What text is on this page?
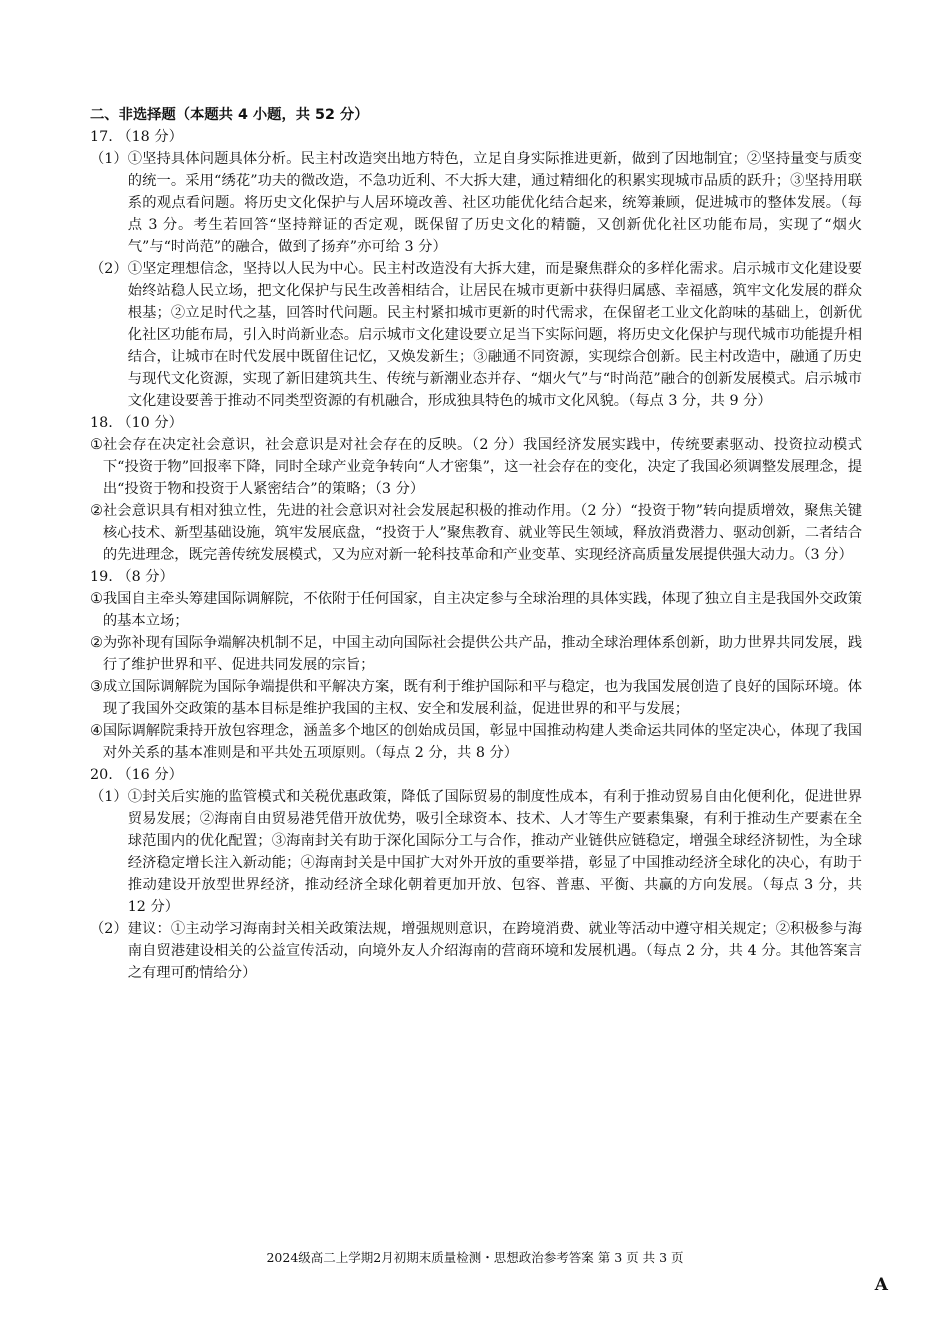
二、非选择题（本题共 4 小题，共 52 分）
17. （18 分）
（1） ①坚持具体问题具体分析。民主村改造突出地方特色，立足自身实际推进更新，做到了因地制宜；②坚持量变与质变的统一。采用“绣花”功夫的微改造，不急功近利、不大拆大建，通过精细化的积累实现城市品质的跃升；③坚持用联系的观点看问题。将历史文化保护与人居环境改善、社区功能优化结合起来，统筹兼顾，促进城市的整体发展。（每点 3 分。考生若回答“坚持辩证的否定观，既保留了历史文化的精髓，又创新优化社区功能布局，实现了“烟火气”与“时尚范”的融合，做到了扬弃”亦可给 3 分）
（2） ①坚定理想信念，坚持以人民为中心。民主村改造没有大拆大建，而是聚焦群众的多样化需求。启示城市文化建设要始终站稳人民立场，把文化保护与民生改善相结合，让居民在城市更新中获得归属感、幸福感，筑牢文化发展的群众根基；②立足时代之基，回答时代问题。民主村紧扣城市更新的时代需求，在保留老工业文化韵味的基础上，创新优化社区功能布局，引入时尚新业态。启示城市文化建设要立足当下实际问题，将历史文化保护与现代城市功能提升相结合，让城市在时代发展中既留住记忆，又焕发新生；③融通不同资源，实现综合创新。民主村改造中，融通了历史与现代文化资源，实现了新旧建筑共生、传统与新潮业态并存、“烟火气”与“时尚范”融合的创新发展模式。启示城市文化建设要善于推动不同类型资源的有机融合，形成独具特色的城市文化风貌。（每点 3 分，共 9 分）
18. （10 分）
① 社会存在决定社会意识，社会意识是对社会存在的反映。（2 分）我国经济发展实践中，传统要素驱动、投资拉动模式下“投资于物”回报率下降，同时全球产业竞争转向“人才密集”，这一社会存在的变化，决定了我国必须调整发展理念，提出“投资于物和投资于人紧密结合”的策略；（3 分）
② 社会意识具有相对独立性，先进的社会意识对社会发展起积极的推动作用。（2 分）“投资于物”转向提质增效，聚焦关键核心技术、新型基础设施，筑牢发展底盘，“投资于人”聚焦教育、就业等民生领域，释放消费潜力、驱动创新，二者结合的先进理念，既完善传统发展模式，又为应对新一轮科技革命和产业变革、实现经济高质量发展提供强大动力。（3 分）
19. （8 分）
① 我国自主牵头筹建国际调解院，不依附于任何国家，自主决定参与全球治理的具体实践，体现了独立自主是我国外交政策的基本立场；
② 为弥补现有国际争端解决机制不足，中国主动向国际社会提供公共产品，推动全球治理体系创新，助力世界共同发展，践行了维护世界和平、促进共同发展的宗旨；
③ 成立国际调解院为国际争端提供和平解决方案，既有利于维护国际和平与稳定，也为我国发展创造了良好的国际环境。体现了我国外交政策的基本目标是维护我国的主权、安全和发展利益，促进世界的和平与发展；
④ 国际调解院秉持开放包容理念，涵盖多个地区的创始成员国，彰显中国推动构建人类命运共同体的坚定决心，体现了我国对外关系的基本准则是和平共处五项原则。（每点 2 分，共 8 分）
20. （16 分）
（1） ①封关后实施的监管模式和关税优惠政策，降低了国际贸易的制度性成本，有利于推动贸易自由化便利化，促进世界贸易发展；②海南自由贸易港凭借开放优势，吸引全球资本、技术、人才等生产要素集聚，有利于推动生产要素在全球范围内的优化配置；③海南封关有助于深化国际分工与合作，推动产业链供应链稳定，增强全球经济韧性，为全球经济稳定增长注入新动能；④海南封关是中国扩大对外开放的重要举措，彰显了中国推动经济全球化的决心，有助于推动建设开放型世界经济，推动经济全球化朝着更加开放、包容、普惠、平衡、共赢的方向发展。（每点 3 分，共 12 分）
（2） 建议：①主动学习海南封关相关政策法规，增强规则意识，在跨境消费、就业等活动中遵守相关规定；②积极参与海南自贸港建设相关的公益宣传活动，向境外友人介绍海南的营商环境和发展机遇。（每点 2 分，共 4 分。其他答案言之有理可酌情给分）
2024级高二上学期2月初期末质量检测・思想政治参考答案 第 3 页 共 3 页
A
